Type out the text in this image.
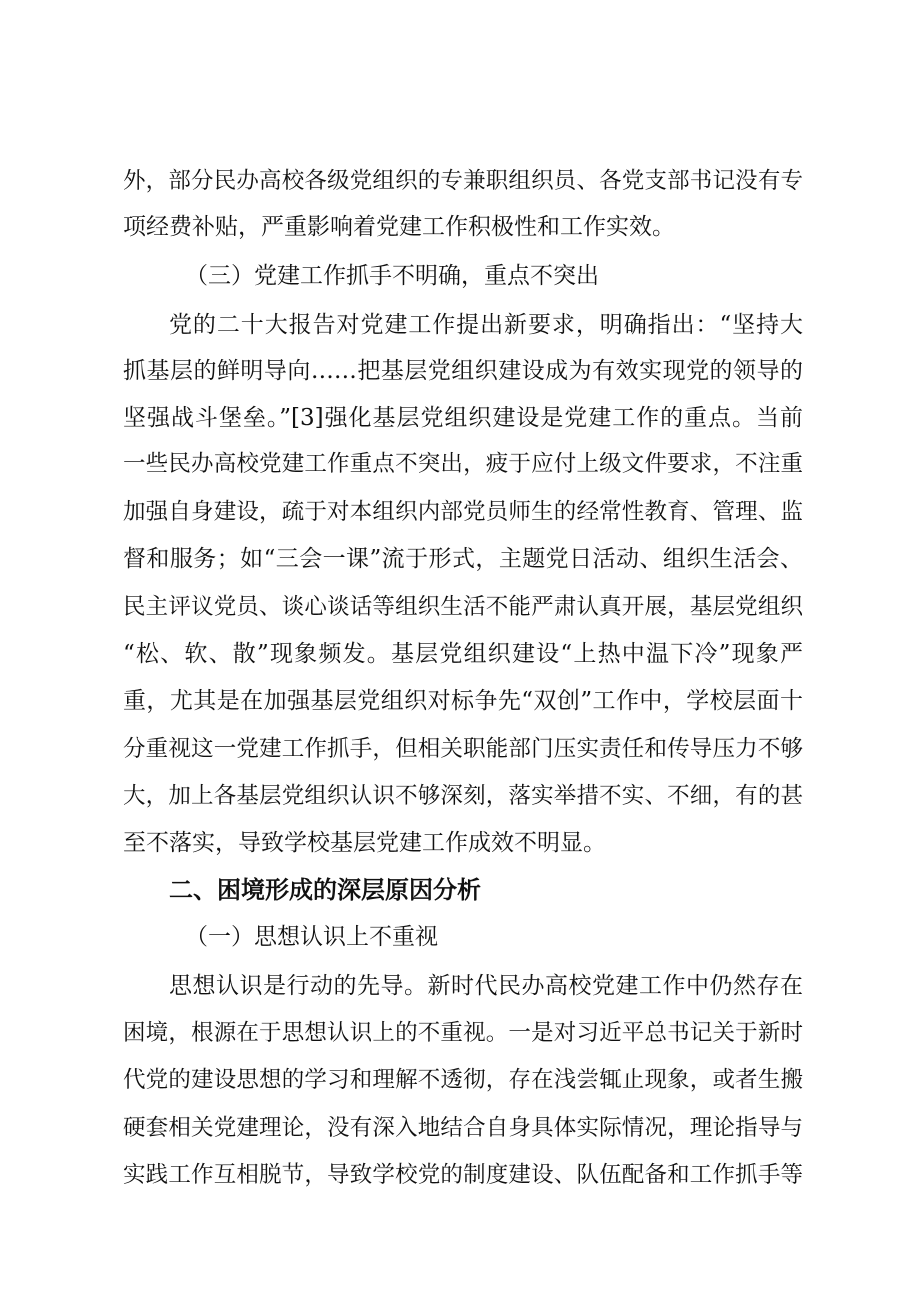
外，部分民办高校各级党组织的专兼职组织员、各党支部书记没有专
项经费补贴，严重影响着党建工作积极性和工作实效。
（三）党建工作抓手不明确，重点不突出
党的二十大报告对党建工作提出新要求，明确指出：“坚持大
抓基层的鲜明导向……把基层党组织建设成为有效实现党的领导的
坚强战斗堡垒。”[3]强化基层党组织建设是党建工作的重点。当前
一些民办高校党建工作重点不突出，疲于应付上级文件要求，不注重
加强自身建设，疏于对本组织内部党员师生的经常性教育、管理、监
督和服务；如“三会一课”流于形式，主题党日活动、组织生活会、
民主评议党员、谈心谈话等组织生活不能严肃认真开展，基层党组织
“松、软、散”现象频发。基层党组织建设“上热中温下冷”现象严
重，尤其是在加强基层党组织对标争先“双创”工作中，学校层面十
分重视这一党建工作抓手，但相关职能部门压实责任和传导压力不够
大，加上各基层党组织认识不够深刻，落实举措不实、不细，有的甚
至不落实，导致学校基层党建工作成效不明显。
二、困境形成的深层原因分析
（一）思想认识上不重视
思想认识是行动的先导。新时代民办高校党建工作中仍然存在
困境，根源在于思想认识上的不重视。一是对习近平总书记关于新时
代党的建设思想的学习和理解不透彻，存在浅尝辄止现象，或者生搬
硬套相关党建理论，没有深入地结合自身具体实际情况，理论指导与
实践工作互相脱节，导致学校党的制度建设、队伍配备和工作抓手等
